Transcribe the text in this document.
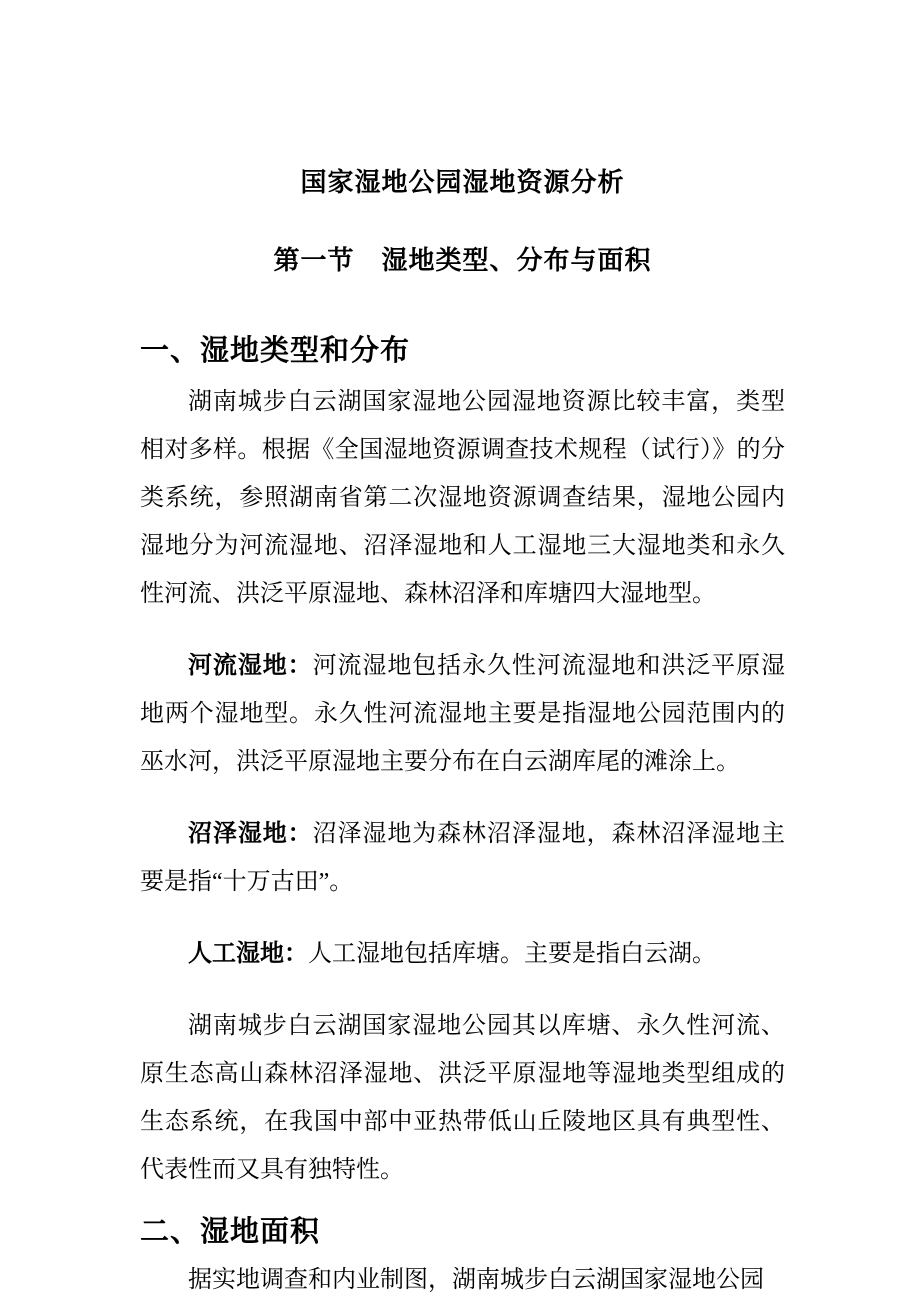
国家湿地公园湿地资源分析
第一节　湿地类型、分布与面积
一、湿地类型和分布

湖南城步白云湖国家湿地公园湿地资源比较丰富，类型相对多样。根据《全国湿地资源调查技术规程（试行）》的分类系统，参照湖南省第二次湿地资源调查结果，湿地公园内湿地分为河流湿地、沼泽湿地和人工湿地三大湿地类和永久性河流、洪泛平原湿地、森林沼泽和库塘四大湿地型。

河流湿地：河流湿地包括永久性河流湿地和洪泛平原湿地两个湿地型。永久性河流湿地主要是指湿地公园范围内的巫水河，洪泛平原湿地主要分布在白云湖库尾的滩涂上。

沼泽湿地：沼泽湿地为森林沼泽湿地，森林沼泽湿地主要是指“十万古田”。

人工湿地：人工湿地包括库塘。主要是指白云湖。

湖南城步白云湖国家湿地公园其以库塘、永久性河流、原生态高山森林沼泽湿地、洪泛平原湿地等湿地类型组成的生态系统，在我国中部中亚热带低山丘陵地区具有典型性、代表性而又具有独特性。

二、湿地面积

据实地调查和内业制图，湖南城步白云湖国家湿地公园
